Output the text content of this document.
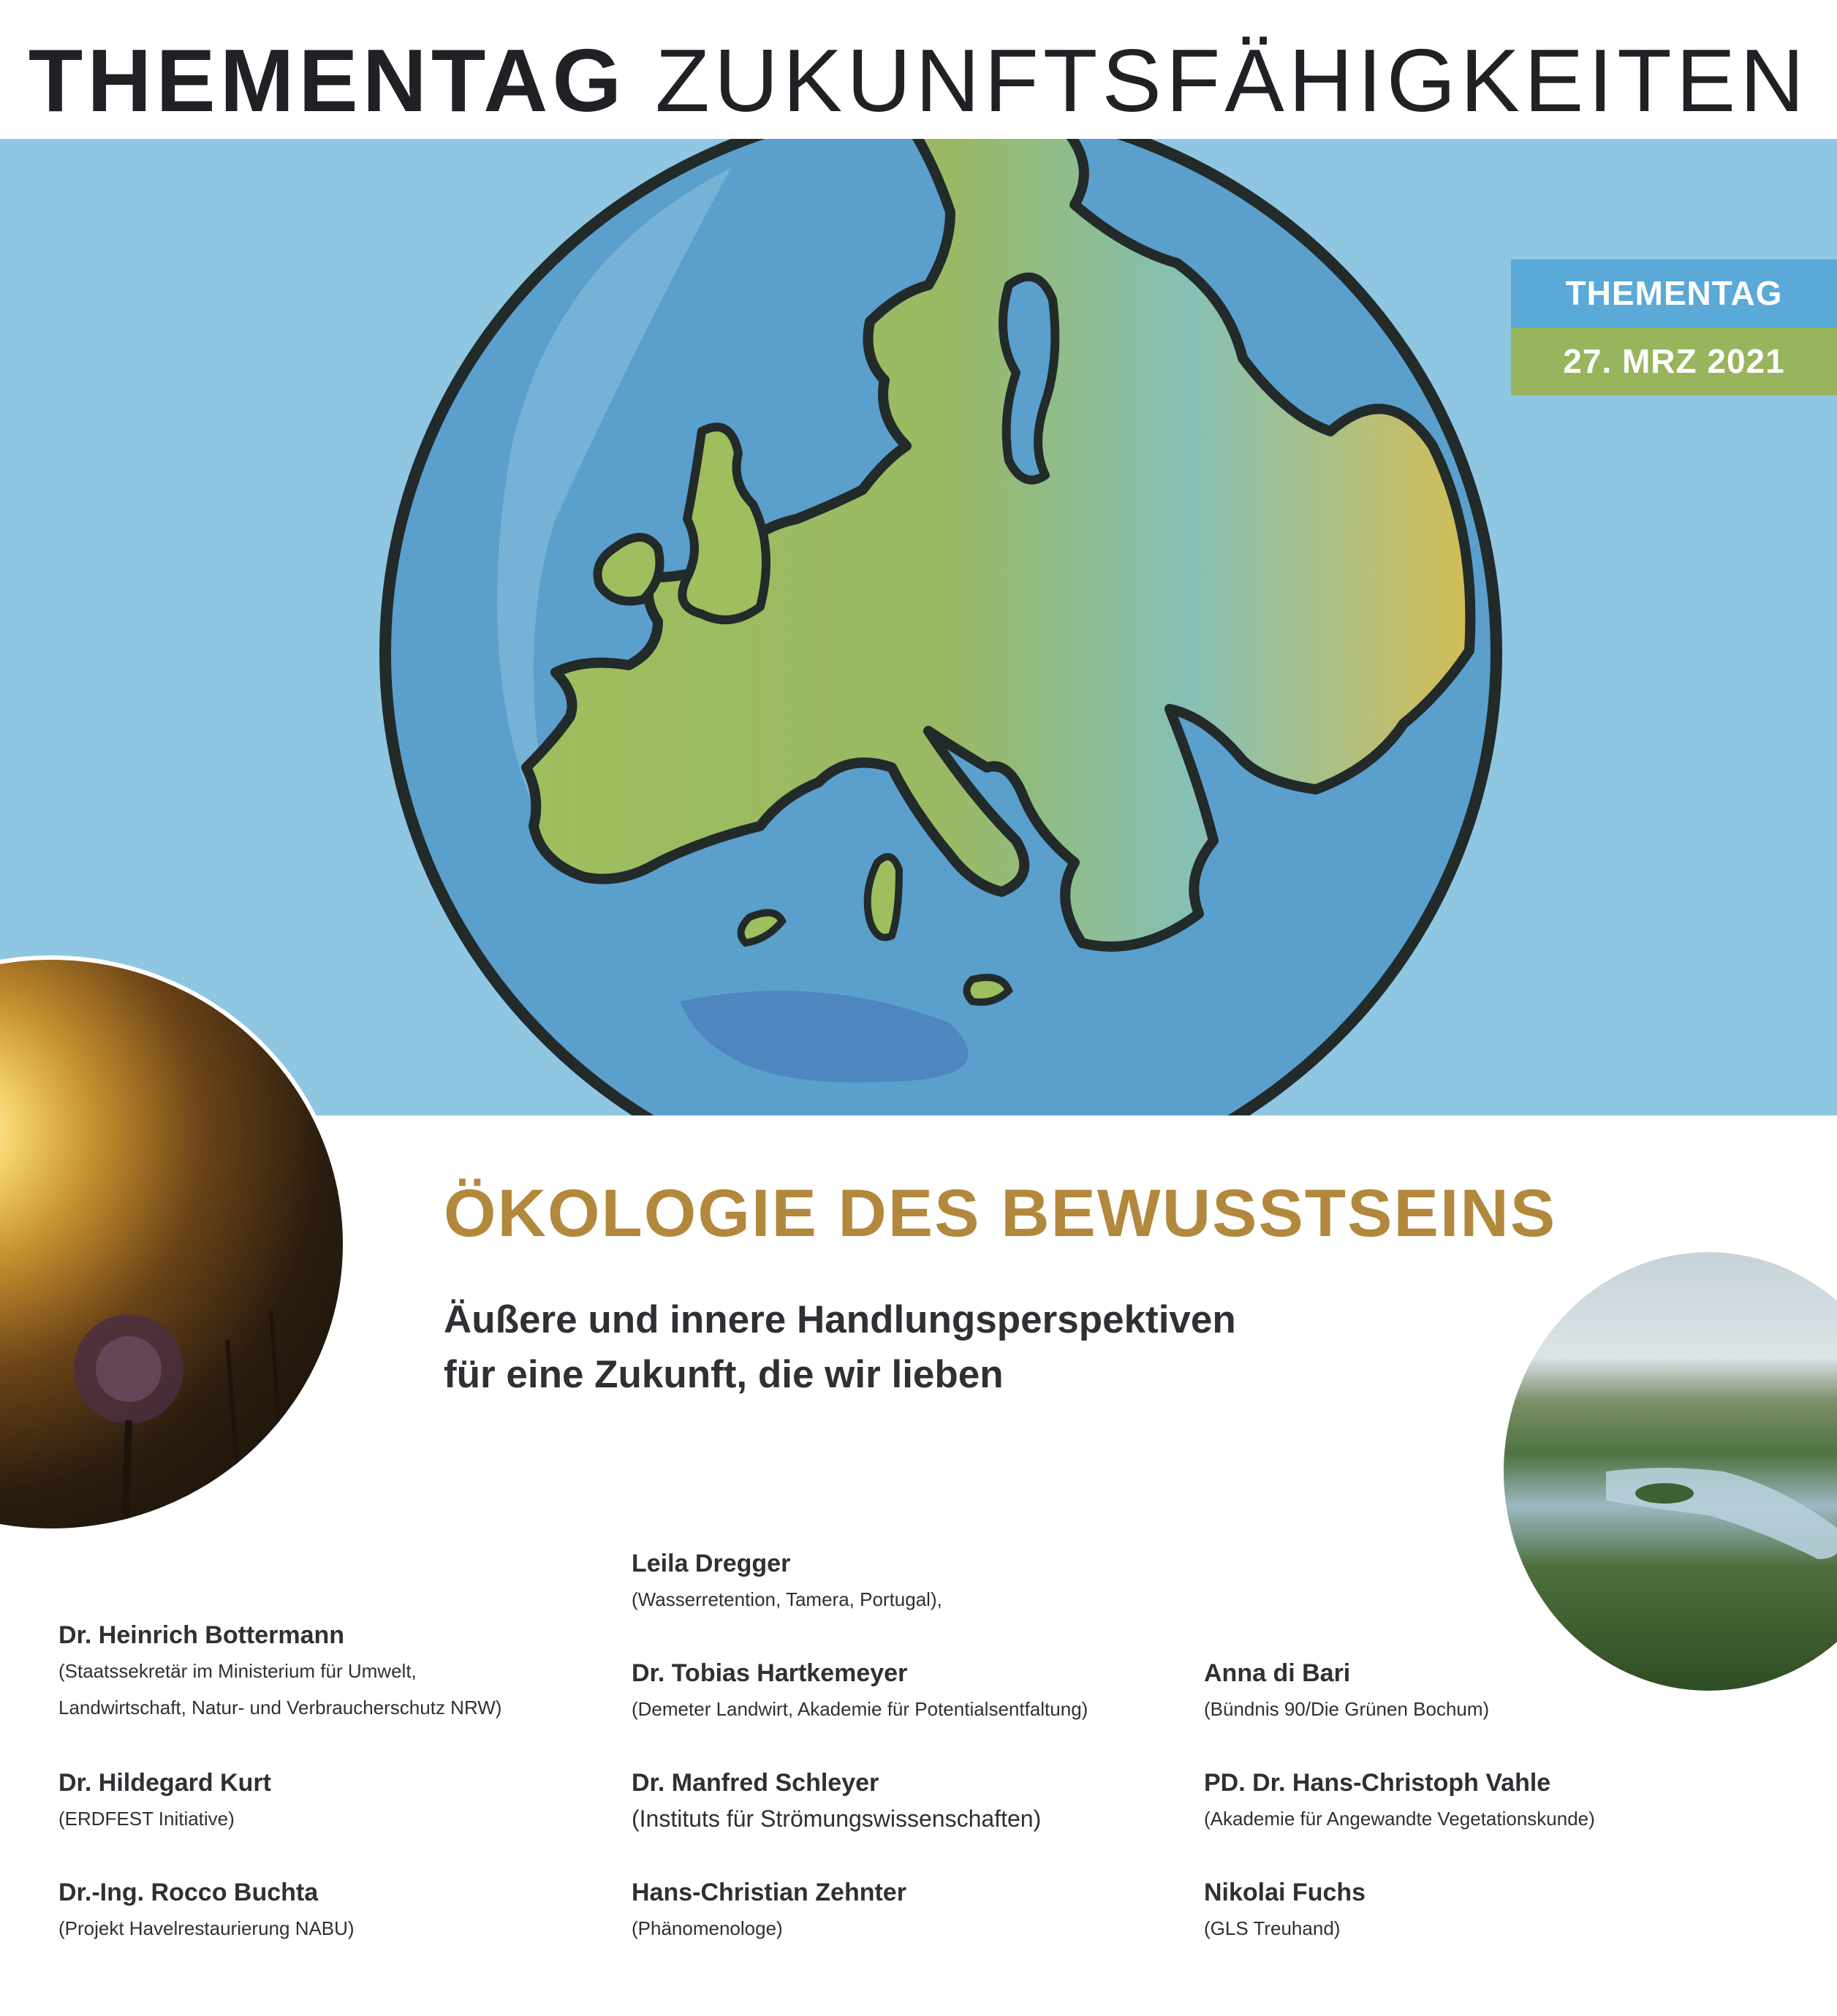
THEMENTAG ZUKUNFTSFÄHIGKEITEN
THEMENTAG
27. MRZ 2021
ÖKOLOGIE DES BEWUSSTSEINS
Äußere und innere Handlungsperspektiven
für eine Zukunft, die wir lieben
Dr. Heinrich Bottermann
(Staatssekretär im Ministerium für Umwelt,
Landwirtschaft, Natur- und Verbraucherschutz NRW)
Dr. Hildegard Kurt
(ERDFEST Initiative)
Dr.-Ing. Rocco Buchta
(Projekt Havelrestaurierung NABU)
Leila Dregger
(Wasserretention, Tamera, Portugal),
Dr. Tobias Hartkemeyer
(Demeter Landwirt, Akademie für Potentialsentfaltung)
Dr. Manfred Schleyer
(Instituts für Strömungswissenschaften)
Hans-Christian Zehnter
(Phänomenologe)
Anna di Bari
(Bündnis 90/Die Grünen Bochum)
PD. Dr. Hans-Christoph Vahle
(Akademie für Angewandte Vegetationskunde)
Nikolai Fuchs
(GLS Treuhand)
